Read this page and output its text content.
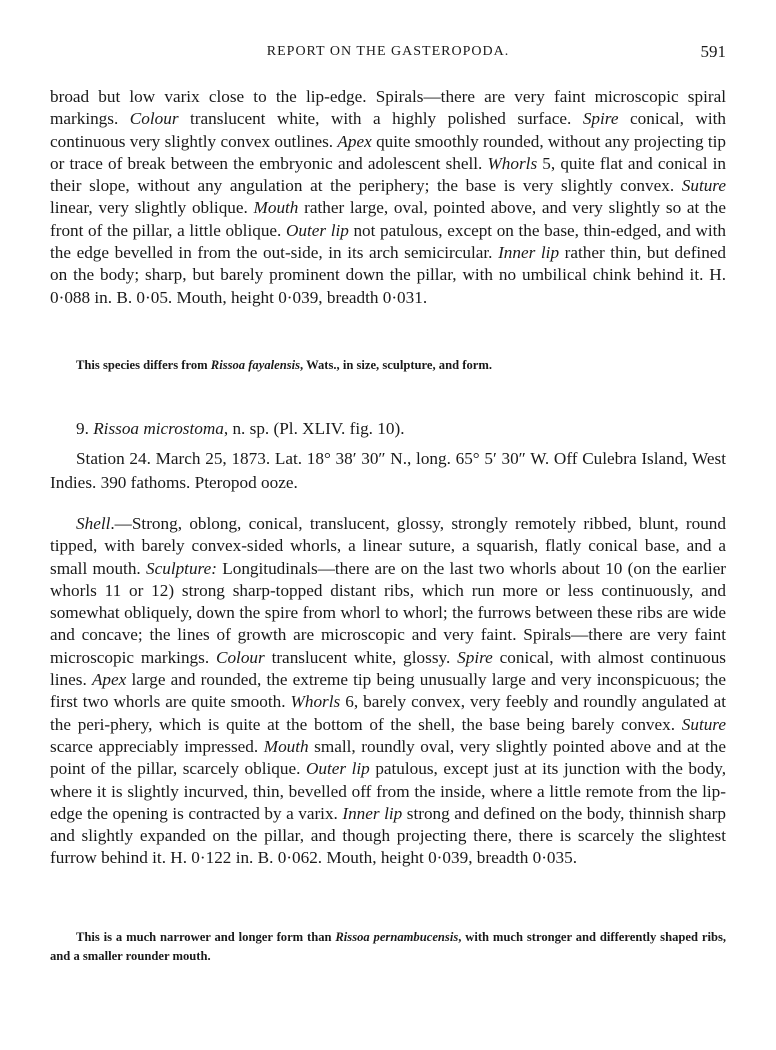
REPORT ON THE GASTEROPODA.	591

broad but low varix close to the lip-edge. Spirals—there are very faint microscopic spiral markings. Colour translucent white, with a highly polished surface. Spire conical, with continuous very slightly convex outlines. Apex quite smoothly rounded, without any projecting tip or trace of break between the embryonic and adolescent shell. Whorls 5, quite flat and conical in their slope, without any angulation at the periphery; the base is very slightly convex. Suture linear, very slightly oblique. Mouth rather large, oval, pointed above, and very slightly so at the front of the pillar, a little oblique. Outer lip not patulous, except on the base, thin-edged, and with the edge bevelled in from the out-side, in its arch semicircular. Inner lip rather thin, but defined on the body; sharp, but barely prominent down the pillar, with no umbilical chink behind it. H. 0·088 in. B. 0·05. Mouth, height 0·039, breadth 0·031.

This species differs from Rissoa fayalensis, Wats., in size, sculpture, and form.

9. Rissoa microstoma, n. sp. (Pl. XLIV. fig. 10).

Station 24. March 25, 1873. Lat. 18° 38′ 30″ N., long. 65° 5′ 30″ W. Off Culebra Island, West Indies. 390 fathoms. Pteropod ooze.

Shell.—Strong, oblong, conical, translucent, glossy, strongly remotely ribbed, blunt, round tipped, with barely convex-sided whorls, a linear suture, a squarish, flatly conical base, and a small mouth. Sculpture: Longitudinals—there are on the last two whorls about 10 (on the earlier whorls 11 or 12) strong sharp-topped distant ribs, which run more or less continuously, and somewhat obliquely, down the spire from whorl to whorl; the furrows between these ribs are wide and concave; the lines of growth are microscopic and very faint. Spirals—there are very faint microscopic markings. Colour translucent white, glossy. Spire conical, with almost continuous lines. Apex large and rounded, the extreme tip being unusually large and very inconspicuous; the first two whorls are quite smooth. Whorls 6, barely convex, very feebly and roundly angulated at the peri-phery, which is quite at the bottom of the shell, the base being barely convex. Suture scarce appreciably impressed. Mouth small, roundly oval, very slightly pointed above and at the point of the pillar, scarcely oblique. Outer lip patulous, except just at its junction with the body, where it is slightly incurved, thin, bevelled off from the inside, where a little remote from the lip-edge the opening is contracted by a varix. Inner lip strong and defined on the body, thinnish sharp and slightly expanded on the pillar, and though projecting there, there is scarcely the slightest furrow behind it. H. 0·122 in. B. 0·062. Mouth, height 0·039, breadth 0·035.

This is a much narrower and longer form than Rissoa pernambucensis, with much stronger and differently shaped ribs, and a smaller rounder mouth.
